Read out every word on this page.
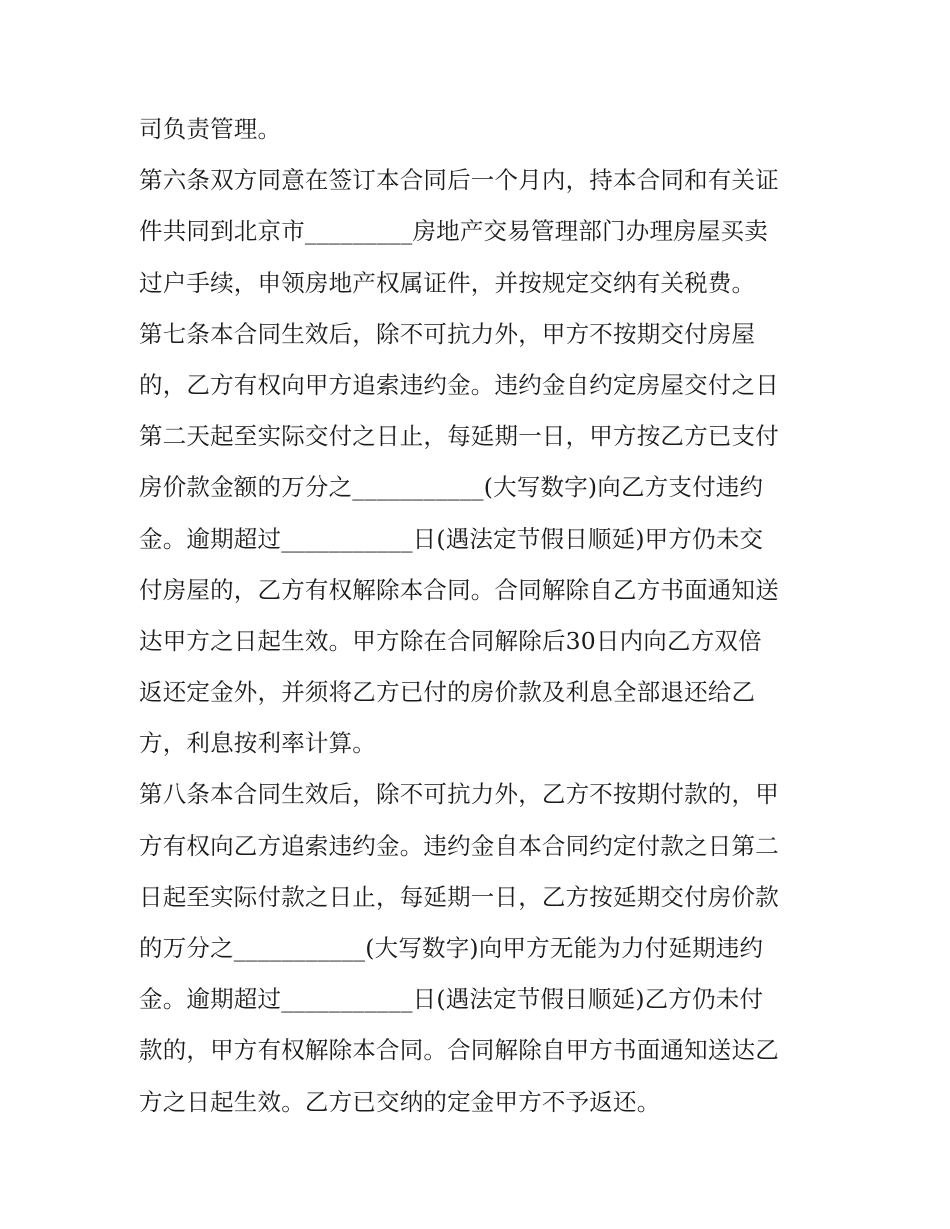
司负责管理。
第六条双方同意在签订本合同后一个月内，持本合同和有关证
件共同到北京市_________房地产交易管理部门办理房屋买卖
过户手续，申领房地产权属证件，并按规定交纳有关税费。
第七条本合同生效后，除不可抗力外，甲方不按期交付房屋
的，乙方有权向甲方追索违约金。违约金自约定房屋交付之日
第二天起至实际交付之日止，每延期一日，甲方按乙方已支付
房价款金额的万分之___________(大写数字)向乙方支付违约
金。逾期超过___________日(遇法定节假日顺延)甲方仍未交
付房屋的，乙方有权解除本合同。合同解除自乙方书面通知送
达甲方之日起生效。甲方除在合同解除后30日内向乙方双倍
返还定金外，并须将乙方已付的房价款及利息全部退还给乙
方，利息按利率计算。
第八条本合同生效后，除不可抗力外，乙方不按期付款的，甲
方有权向乙方追索违约金。违约金自本合同约定付款之日第二
日起至实际付款之日止，每延期一日，乙方按延期交付房价款
的万分之___________(大写数字)向甲方无能为力付延期违约
金。逾期超过___________日(遇法定节假日顺延)乙方仍未付
款的，甲方有权解除本合同。合同解除自甲方书面通知送达乙
方之日起生效。乙方已交纳的定金甲方不予返还。
